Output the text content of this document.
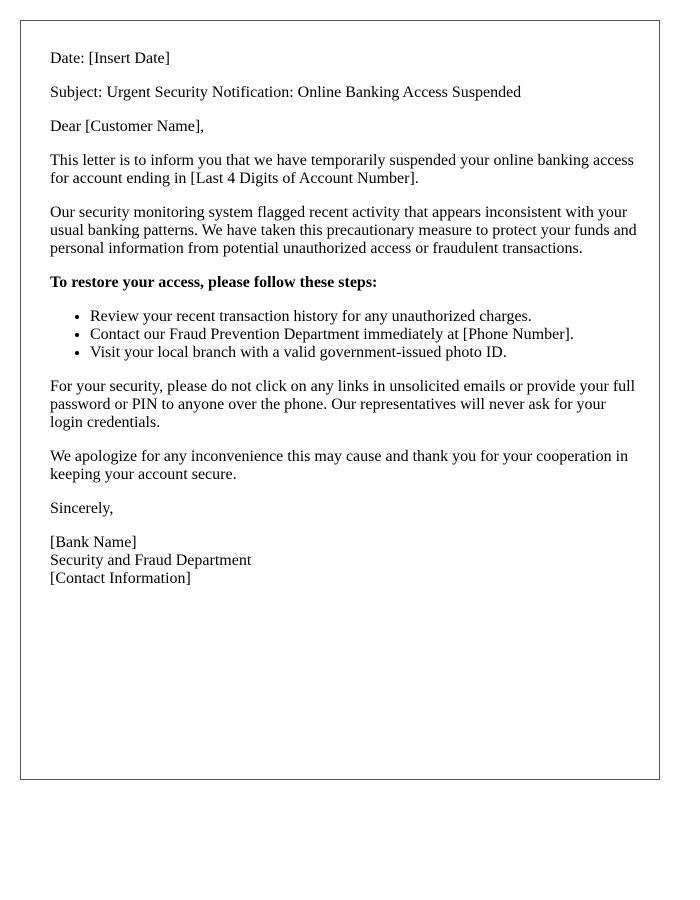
Date: [Insert Date]

Subject: Urgent Security Notification: Online Banking Access Suspended

Dear [Customer Name],

This letter is to inform you that we have temporarily suspended your online banking access for account ending in [Last 4 Digits of Account Number].

Our security monitoring system flagged recent activity that appears inconsistent with your usual banking patterns. We have taken this precautionary measure to protect your funds and personal information from potential unauthorized access or fraudulent transactions.

To restore your access, please follow these steps:

• Review your recent transaction history for any unauthorized charges.
• Contact our Fraud Prevention Department immediately at [Phone Number].
• Visit your local branch with a valid government-issued photo ID.

For your security, please do not click on any links in unsolicited emails or provide your full password or PIN to anyone over the phone. Our representatives will never ask for your login credentials.

We apologize for any inconvenience this may cause and thank you for your cooperation in keeping your account secure.

Sincerely,

[Bank Name]
Security and Fraud Department
[Contact Information]
